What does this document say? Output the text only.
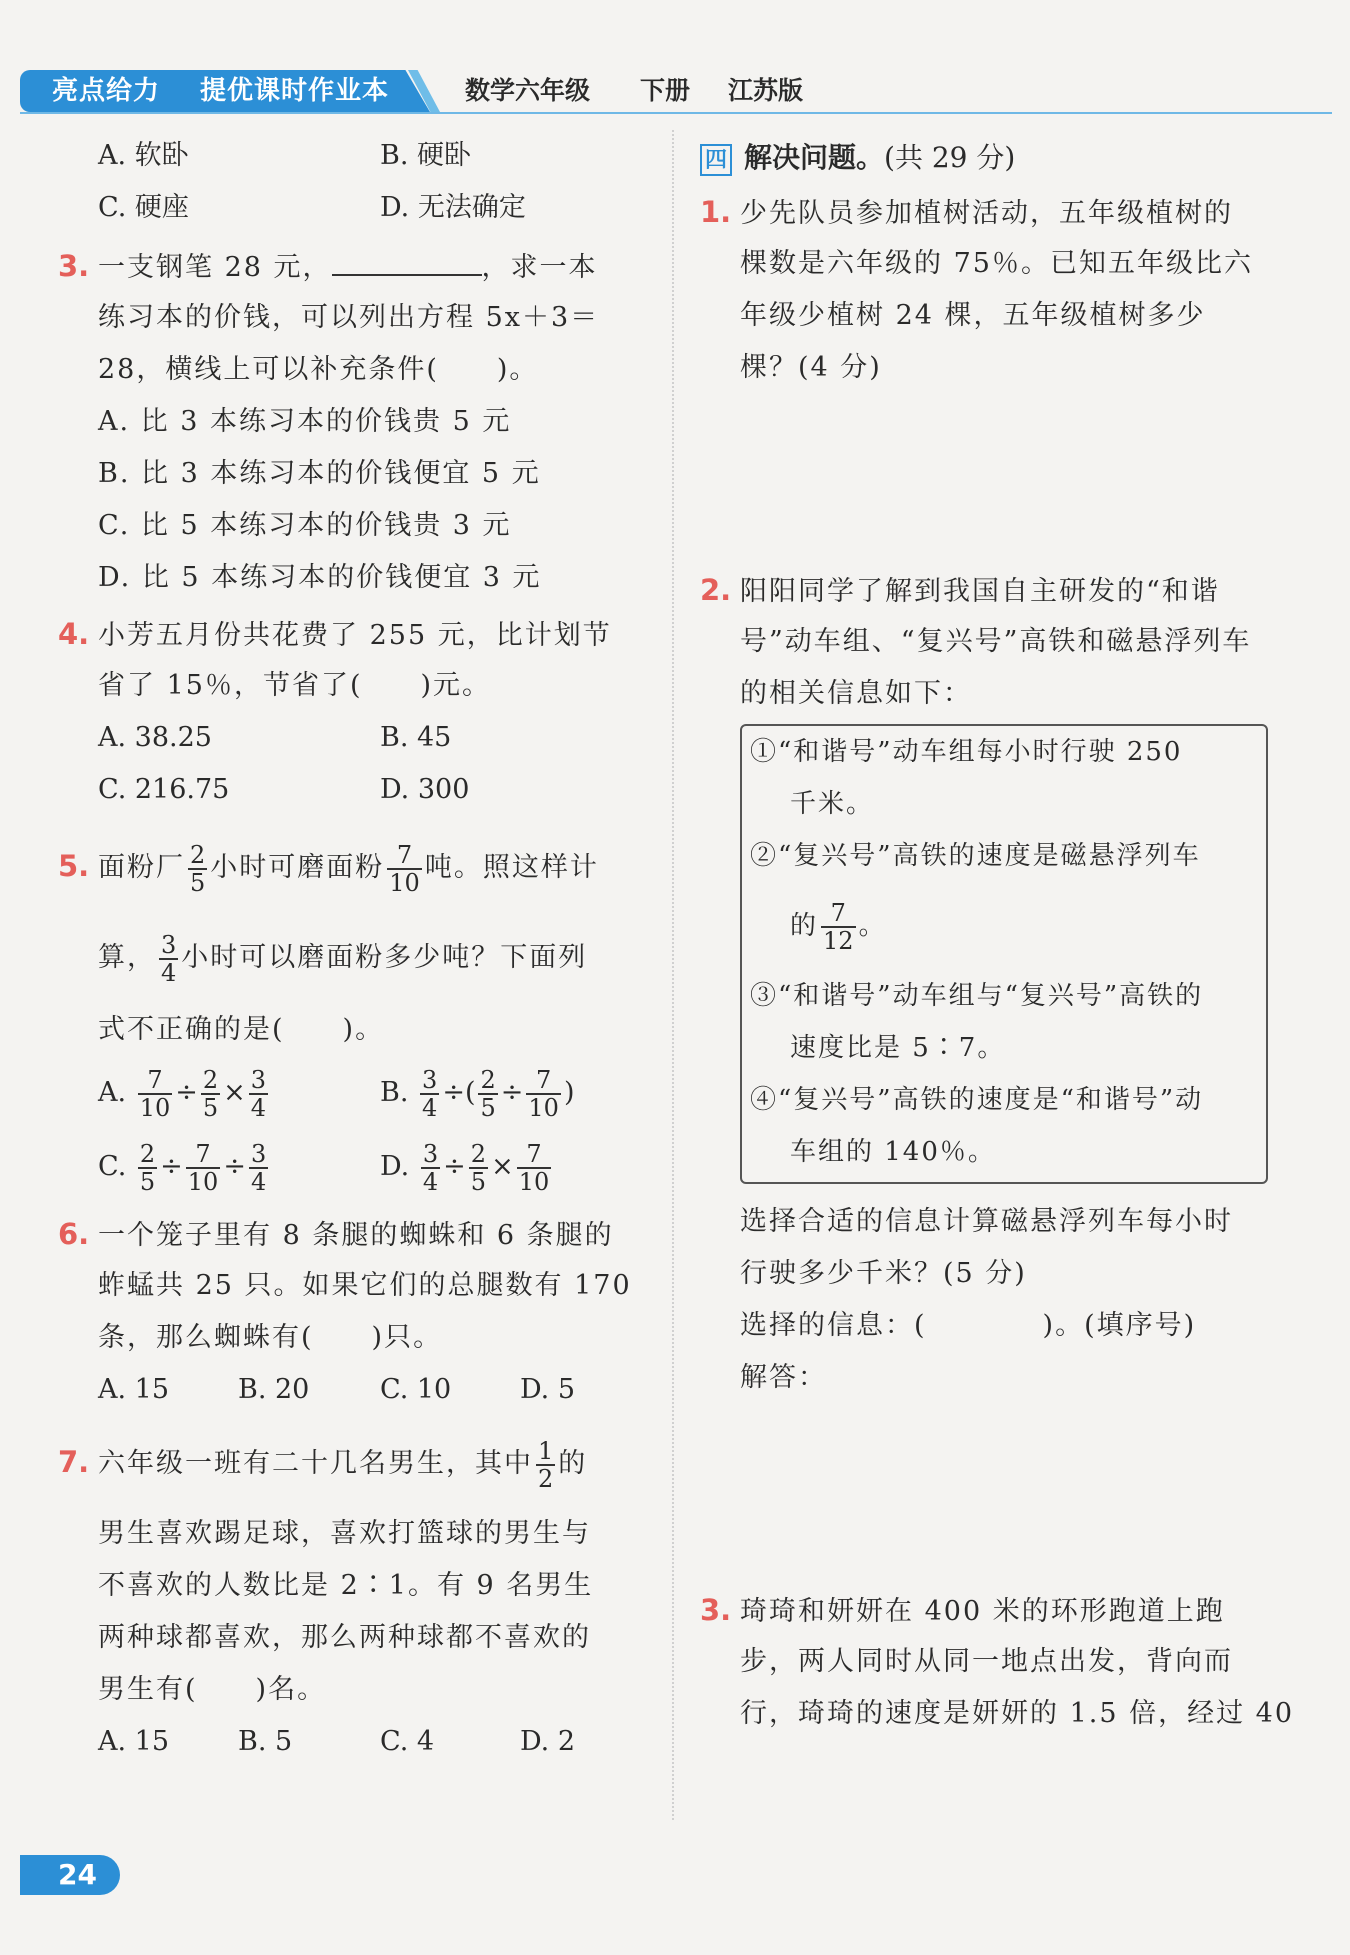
亮点给力 提优课时作业本	数学六年级 下册 江苏版
A. 软卧	B. 硬卧
C. 硬座	D. 无法确定
3. 一支钢笔 28 元，	，求一本
练习本的价钱，可以列出方程 5x＋3＝
28，横线上可以补充条件(　　)。
A. 比 3 本练习本的价钱贵 5 元
B. 比 3 本练习本的价钱便宜 5 元
C. 比 5 本练习本的价钱贵 3 元
D. 比 5 本练习本的价钱便宜 3 元
4. 小芳五月份共花费了 255 元，比计划节
省了 15％，节省了(　　)元。
A. 38.25	B. 45
C. 216.75	D. 300
5. 面粉厂 $\frac{2}{5}$ 小时可磨面粉 $\frac{7}{10}$ 吨。照这样计
算， $\frac{3}{4}$ 小时可以磨面粉多少吨？下面列
式不正确的是(　　)。
A. $\frac{7}{10} \div \frac{2}{5} \times \frac{3}{4}$	B. $\frac{3}{4}$ ÷( $\frac{2}{5} \div \frac{7}{10}$ )
C. $\frac{2}{5} \div \frac{7}{10} \div \frac{3}{4}$	D. $\frac{3}{4} \div \frac{2}{5} \times \frac{7}{10}$
6. 一个笼子里有 8 条腿的蜘蛛和 6 条腿的
蚱蜢共 25 只。如果它们的总腿数有 170
条，那么蜘蛛有(　　)只。
A. 15	B. 20	C. 10	D. 5
7. 六年级一班有二十几名男生，其中 $\frac{1}{2}$ 的
男生喜欢踢足球，喜欢打篮球的男生与
不喜欢的人数比是 2∶1。有 9 名男生
两种球都喜欢，那么两种球都不喜欢的
男生有(　　)名。
A. 15	B. 5	C. 4	D. 2
四 解决问题。(共 29 分)
1. 少先队员参加植树活动，五年级植树的
棵数是六年级的 75％。已知五年级比六
年级少植树 24 棵，五年级植树多少
棵？(4 分)
2. 阳阳同学了解到我国自主研发的“和谐
号”动车组、“复兴号”高铁和磁悬浮列车
的相关信息如下：
①“和谐号”动车组每小时行驶 250
千米。
②“复兴号”高铁的速度是磁悬浮列车
的 $\frac{7}{12}$ 。
③“和谐号”动车组与“复兴号”高铁的
速度比是 5∶7。
④“复兴号”高铁的速度是“和谐号”动
车组的 140％。
选择合适的信息计算磁悬浮列车每小时
行驶多少千米？(5 分)
选择的信息：(　　　　)。(填序号)
解答：
3. 琦琦和妍妍在 400 米的环形跑道上跑
步，两人同时从同一地点出发，背向而
行，琦琦的速度是妍妍的 1.5 倍，经过 40
24
